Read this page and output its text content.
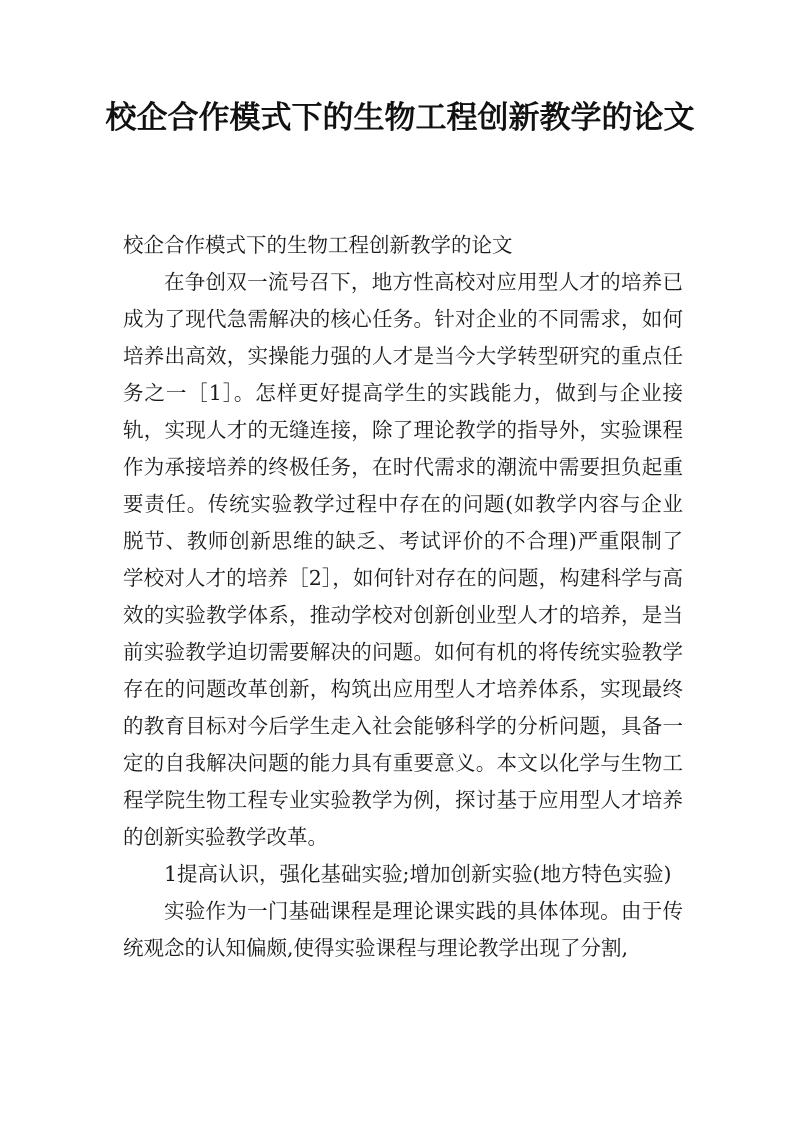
校企合作模式下的生物工程创新教学的论文

校企合作模式下的生物工程创新教学的论文

在争创双一流号召下，地方性高校对应用型人才的培养已成为了现代急需解决的核心任务。针对企业的不同需求，如何培养出高效，实操能力强的人才是当今大学转型研究的重点任务之一［1］。怎样更好提高学生的实践能力，做到与企业接轨，实现人才的无缝连接，除了理论教学的指导外，实验课程作为承接培养的终极任务，在时代需求的潮流中需要担负起重要责任。传统实验教学过程中存在的问题(如教学内容与企业脱节、教师创新思维的缺乏、考试评价的不合理)严重限制了学校对人才的培养［2］，如何针对存在的问题，构建科学与高效的实验教学体系，推动学校对创新创业型人才的培养，是当前实验教学迫切需要解决的问题。如何有机的将传统实验教学存在的问题改革创新，构筑出应用型人才培养体系，实现最终的教育目标对今后学生走入社会能够科学的分析问题，具备一定的自我解决问题的能力具有重要意义。本文以化学与生物工程学院生物工程专业实验教学为例，探讨基于应用型人才培养的创新实验教学改革。

1提高认识，强化基础实验;增加创新实验(地方特色实验)

实验作为一门基础课程是理论课实践的具体体现。由于传统观念的认知偏颇,使得实验课程与理论教学出现了分割,
